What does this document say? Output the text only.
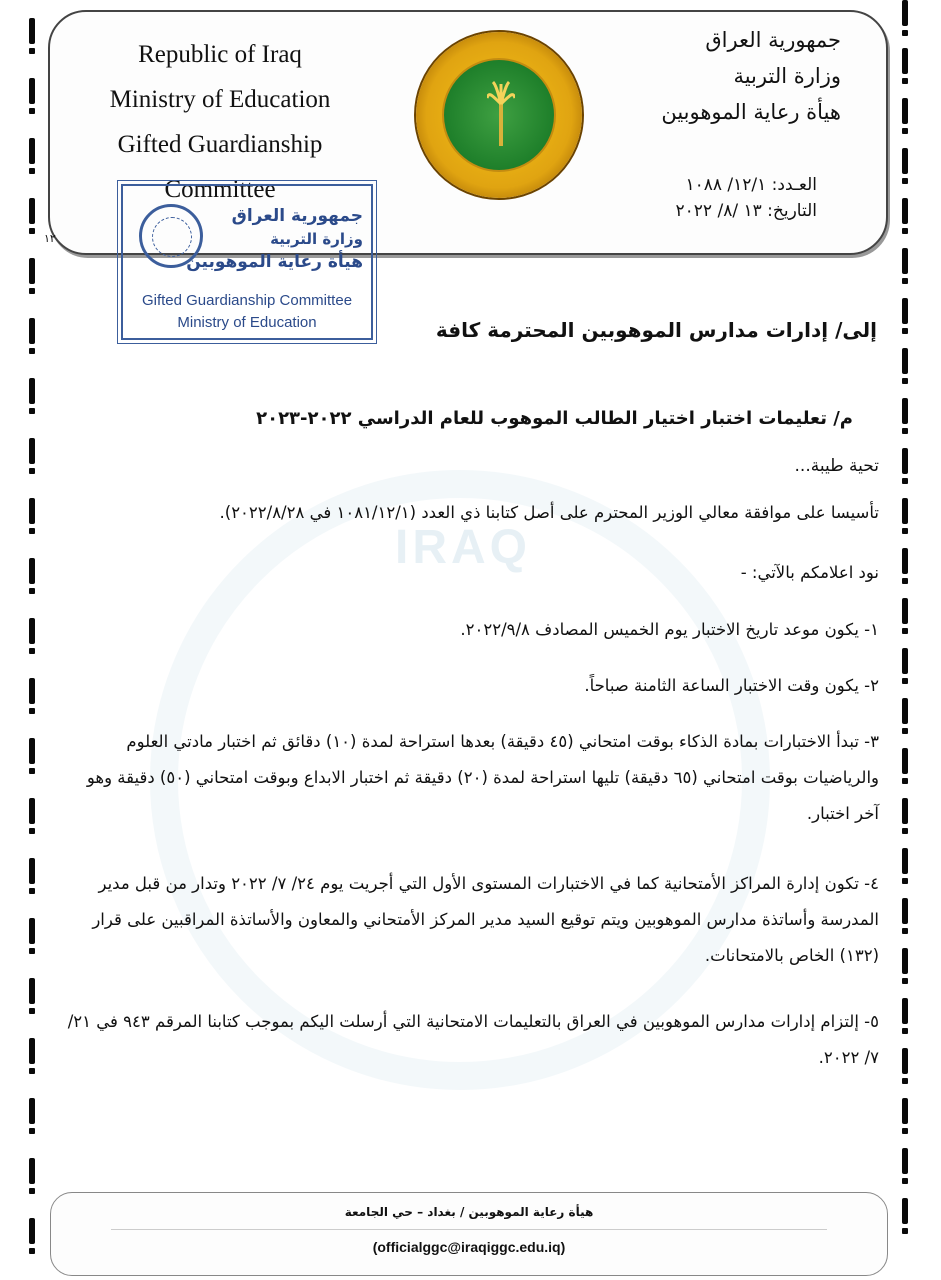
IRAQ
Republic of Iraq
Ministry of Education
Gifted Guardianship
Committee
جمهورية العراق
وزارة التربية
هيأة رعاية الموهوبين
العـدد: ١٢/١/ ١٠٨٨
التاريخ: ١٣ /٨/ ٢٠٢٢
١٢
جمهورية العراق
وزارة التربية
هيأة رعاية الموهوبين
Gifted Guardianship Committee
Ministry of Education	إلى/ إدارات مدارس الموهوبين المحترمة كافة
م/ تعليمات اختبار اختيار الطالب الموهوب للعام الدراسي ٢٠٢٢-٢٠٢٣
تحية طيبة...
تأسيسا على موافقة معالي الوزير المحترم على أصل كتابنا ذي العدد (١٠٨١/١٢/١ في ٢٠٢٢/٨/٢٨).
نود اعلامكم بالآتي: -
١- يكون موعد تاريخ الاختبار يوم الخميس المصادف ٢٠٢٢/٩/٨.
٢- يكون وقت الاختبار الساعة الثامنة صباحاً.
٣- تبدأ الاختبارات بمادة الذكاء بوقت امتحاني (٤٥ دقيقة) بعدها استراحة لمدة (١٠) دقائق ثم اختبار مادتي العلوم والرياضيات بوقت امتحاني (٦٥ دقيقة) تليها استراحة لمدة (٢٠) دقيقة ثم اختبار الابداع وبوقت امتحاني (٥٠) دقيقة وهو آخر اختبار.
٤- تكون إدارة المراكز الأمتحانية كما في الاختبارات المستوى الأول التي أجريت يوم ٢٤/ ٧/ ٢٠٢٢ وتدار من قبل مدير المدرسة وأساتذة مدارس الموهوبين ويتم توقيع السيد مدير المركز الأمتحاني والمعاون والأساتذة المراقبين على قرار (١٣٢) الخاص بالامتحانات.
٥- إلتزام إدارات مدارس الموهوبين في العراق بالتعليمات الامتحانية التي أرسلت اليكم بموجب كتابنا المرقم ٩٤٣ في ٢١/ ٧/ ٢٠٢٢.
هيأة رعاية الموهوبين / بغداد – حي الجامعة
(officialggc@iraqiggc.edu.iq)
